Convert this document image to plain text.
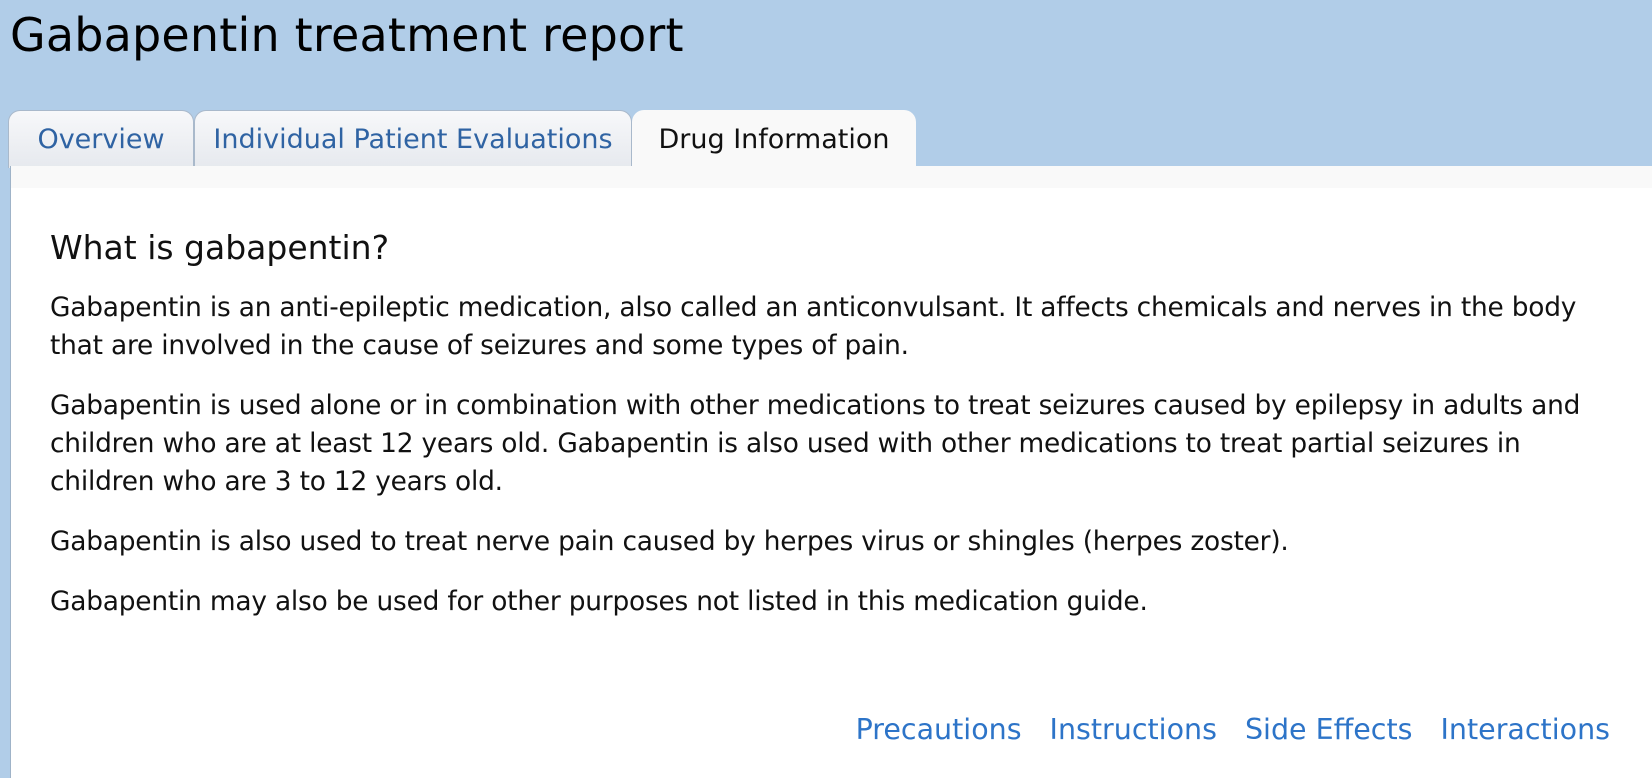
Gabapentin treatment report
Overview	Individual Patient Evaluations	Drug Information
What is gabapentin?

Gabapentin is an anti-epileptic medication, also called an anticonvulsant. It affects chemicals and nerves in the body that are involved in the cause of seizures and some types of pain.

Gabapentin is used alone or in combination with other medications to treat seizures caused by epilepsy in adults and children who are at least 12 years old. Gabapentin is also used with other medications to treat partial seizures in children who are 3 to 12 years old.

Gabapentin is also used to treat nerve pain caused by herpes virus or shingles (herpes zoster).

Gabapentin may also be used for other purposes not listed in this medication guide.

Precautions Instructions Side Effects Interactions
